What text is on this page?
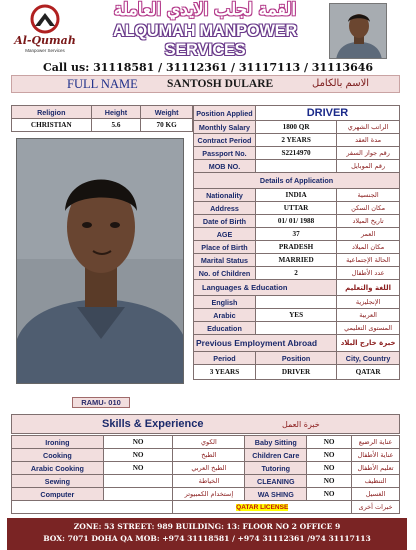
Al-Qumah
Manpower Services
القمة لجلب الايدي العاملة
ALQUMAH MANPOWER SERVICES
Call us: 31118581 / 31112361 / 31117113 / 31113646
FULL NAME	SANTOSH DULARE	الاسم بالكامل
Religion	Height	Weight
CHRISTIAN	5.6	70 KG
RAMU- 010
Position Applied	DRIVER	
Monthly Salary	1800 QR	الراتب الشهري
Contract Period	2 YEARS	مدة العقد
Passport No.	S2214970	رقم جواز السفر
MOB NO.		رقم الموبايل
Details of Application		
Nationality	INDIA	الجنسية
Address	UTTAR	مكان السكن
Date of Birth	01/ 01/ 1988	تاريخ الميلاد
AGE	37	العمر
Place of Birth	PRADESH	مكان الميلاد
Marital Status	MARRIED	الحالة الإجتماعية
No. of Children	2	عدد الأطفال
Languages & Education		اللغة والتعليم
English		الإنجليزية
Arabic	YES	العربية
Education		المستوى التعليمي
Previous Employment Abroad		خبرة خارج البلاد
Period	Position	City, Country
3 YEARS	DRIVER	QATAR
Skills & Experience	خبرة العمل
Ironing	NO	الكوي	Baby Sitting	NO	عناية الرضيع
Cooking	NO	الطبخ	Children Care	NO	عناية الأطفال
Arabic Cooking	NO	الطبخ العربي	Tutoring	NO	تعليم الأطفال
Sewing		الخياطة	CLEANING	NO	التنظيف
Computer		إستخدام الكمبيوتر	WA SHING	NO	الغسيل
		QATAR LICENSE			خبرات أخرى
ZONE: 53 STREET: 989 BUILDING: 13: FLOOR NO 2 OFFICE 9
BOX: 7071 DOHA QA MOB: +974 31118581 / +974 31112361 /974 31117113
